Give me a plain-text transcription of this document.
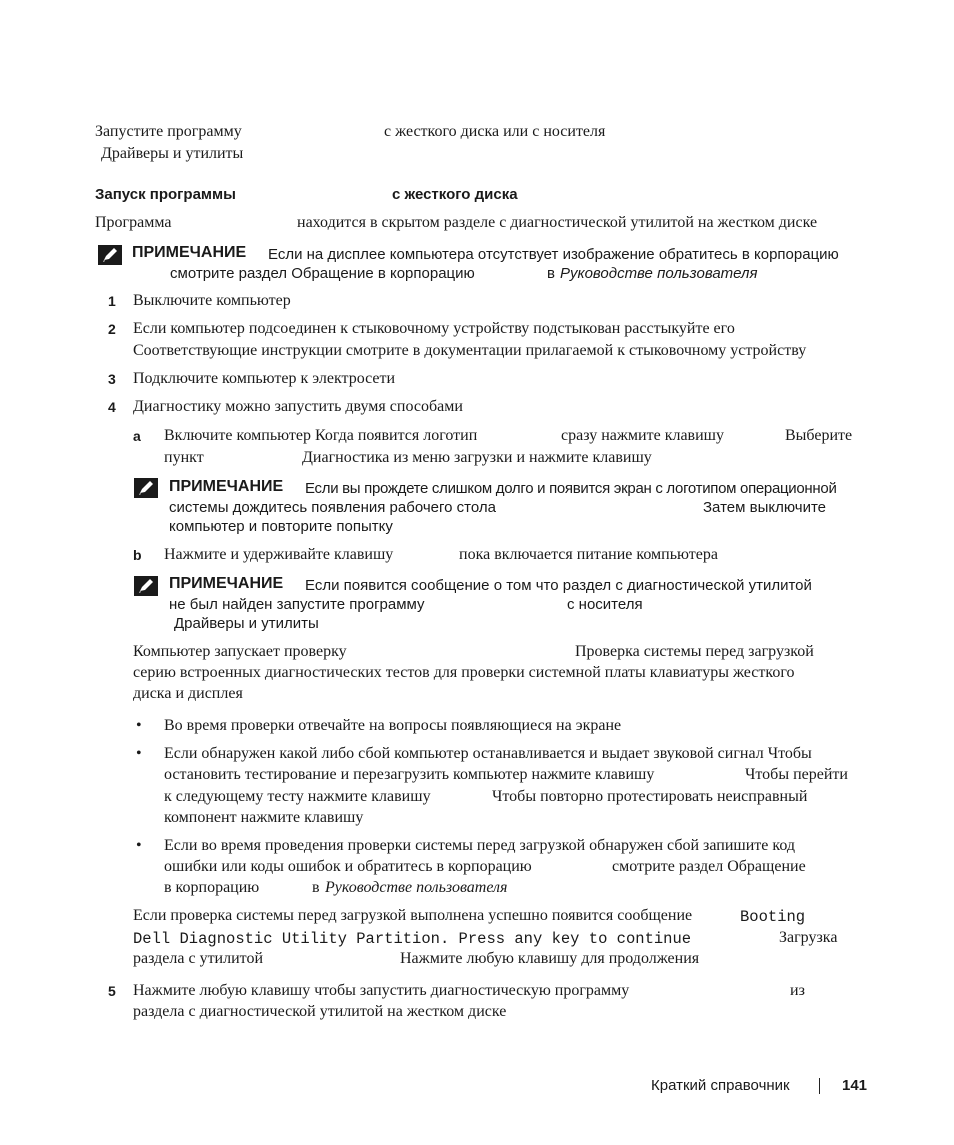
Запустите программу	с жесткого диска или с носителя
Драйверы и утилиты
Запуск программы	с жесткого диска
Программа	находится в скрытом разделе с диагностической утилитой на жестком диске
ПРИМЕЧАНИЕ Если на дисплее компьютера отсутствует изображение обратитесь в корпорацию
смотрите раздел Обращение в корпорацию	в Руководстве пользователя
1 Выключите компьютер
2 Если компьютер подсоединен к стыковочному устройству подстыкован расстыкуйте его
Соответствующие инструкции смотрите в документации прилагаемой к стыковочному устройству
3 Подключите компьютер к электросети
4 Диагностику можно запустить двумя способами
a Включите компьютер Когда появится логотип	сразу нажмите клавишу	Выберите
пункт	Диагностика из меню загрузки и нажмите клавишу
ПРИМЕЧАНИЕ Если вы прождете слишком долго и появится экран с логотипом операционной
системы дождитесь появления рабочего стола	Затем выключите
компьютер и повторите попытку
b Нажмите и удерживайте клавишу	пока включается питание компьютера
ПРИМЕЧАНИЕ Если появится сообщение о том что раздел с диагностической утилитой
не был найден запустите программу	с носителя
Драйверы и утилиты
Компьютер запускает проверку	Проверка системы перед загрузкой
серию встроенных диагностических тестов для проверки системной платы клавиатуры жесткого
диска и дисплея
• Во время проверки отвечайте на вопросы появляющиеся на экране
• Если обнаружен какой либо сбой компьютер останавливается и выдает звуковой сигнал Чтобы
остановить тестирование и перезагрузить компьютер нажмите клавишу	Чтобы перейти
к следующему тесту нажмите клавишу	Чтобы повторно протестировать неисправный
компонент нажмите клавишу
• Если во время проведения проверки системы перед загрузкой обнаружен сбой запишите код
ошибки или коды ошибок и обратитесь в корпорацию	смотрите раздел Обращение
в корпорацию	в Руководстве пользователя
Если проверка системы перед загрузкой выполнена успешно появится сообщение	Booting
Dell Diagnostic Utility Partition. Press any key to continue	Загрузка
раздела с утилитой	Нажмите любую клавишу для продолжения
5 Нажмите любую клавишу чтобы запустить диагностическую программу	из
раздела с диагностической утилитой на жестком диске
Краткий справочник	141
